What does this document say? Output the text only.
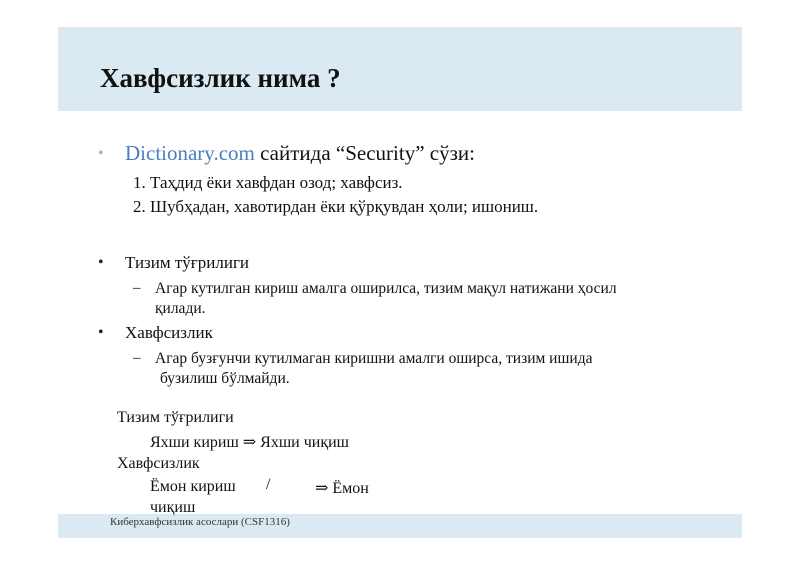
Хавфсизлик нима ?
• Dictionary.com сайтида “Security” сўзи:
1. Таҳдид ёки хавфдан озод; хавфсиз.
2. Шубҳадан, хавотирдан ёки қўрқувдан ҳоли; ишониш.
• Тизим тўғрилиги
– Агар кутилган кириш амалга оширилса, тизим мақул натижани ҳосил
қилади.
• Хавфсизлик
– Агар бузғунчи кутилмаган киришни амалги оширса, тизим ишида
бузилиш бўлмайди.
Тизим тўғрилиги
Яхши кириш ⇒ Яхши чиқиш
Хавфсизлик
Ёмон кириш /	⇒ Ёмон
Киберхавфсизлик асослари (CSF1316)
чиқиш
